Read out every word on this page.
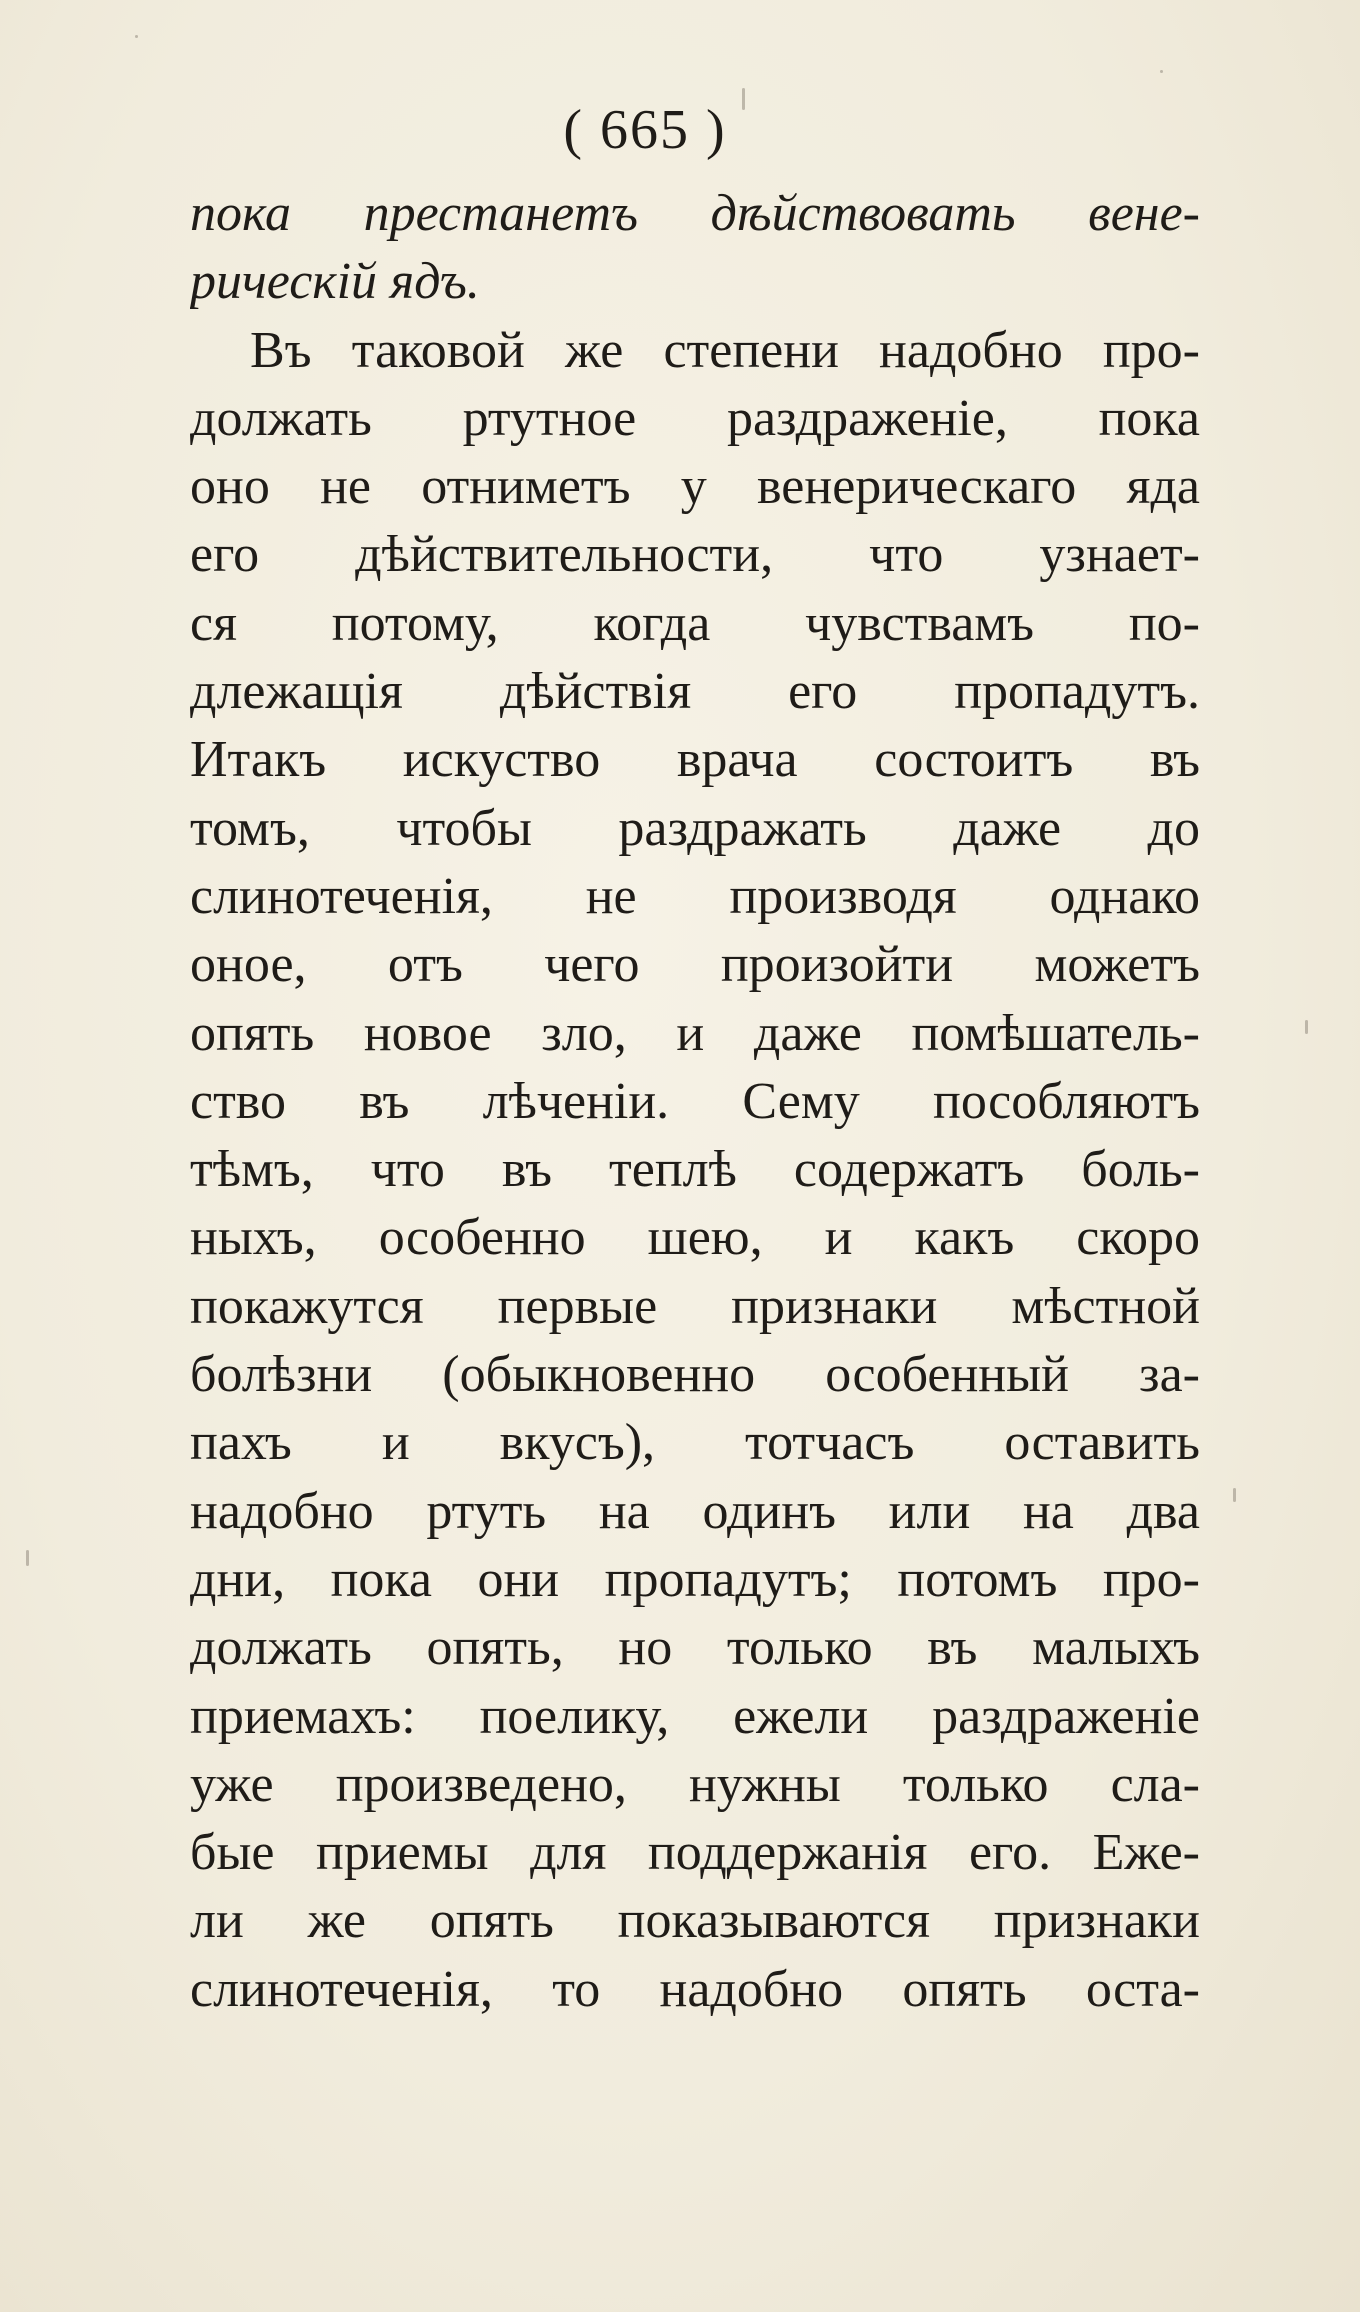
( 665 )
пока престанетъ дѣйствовать вене-
рическій ядъ.
Въ таковой же степени надобно про-
должать ртутное раздраженіе, пока
оно не отниметъ у венерическаго яда
его дѣйствительности, что узнает-
ся потому, когда чувствамъ по-
длежащія дѣйствія его пропадутъ.
Итакъ искуство врача состоитъ въ
томъ, чтобы раздражать даже до
слинотеченія, не производя однако
оное, отъ чего произойти можетъ
опять новое зло, и даже помѣшатель-
ство въ лѣченіи. Сему пособляютъ
тѣмъ, что въ теплѣ содержатъ боль-
ныхъ, особенно шею, и какъ скоро
покажутся первые признаки мѣстной
болѣзни (обыкновенно особенный за-
пахъ и вкусъ), тотчасъ оставить
надобно ртуть на одинъ или на два
дни, пока они пропадутъ; потомъ про-
должать опять, но только въ малыхъ
приемахъ: поелику, ежели раздраженіе
уже произведено, нужны только сла-
бые приемы для поддержанія его. Еже-
ли же опять показываются признаки
слинотеченія, то надобно опять оста-
